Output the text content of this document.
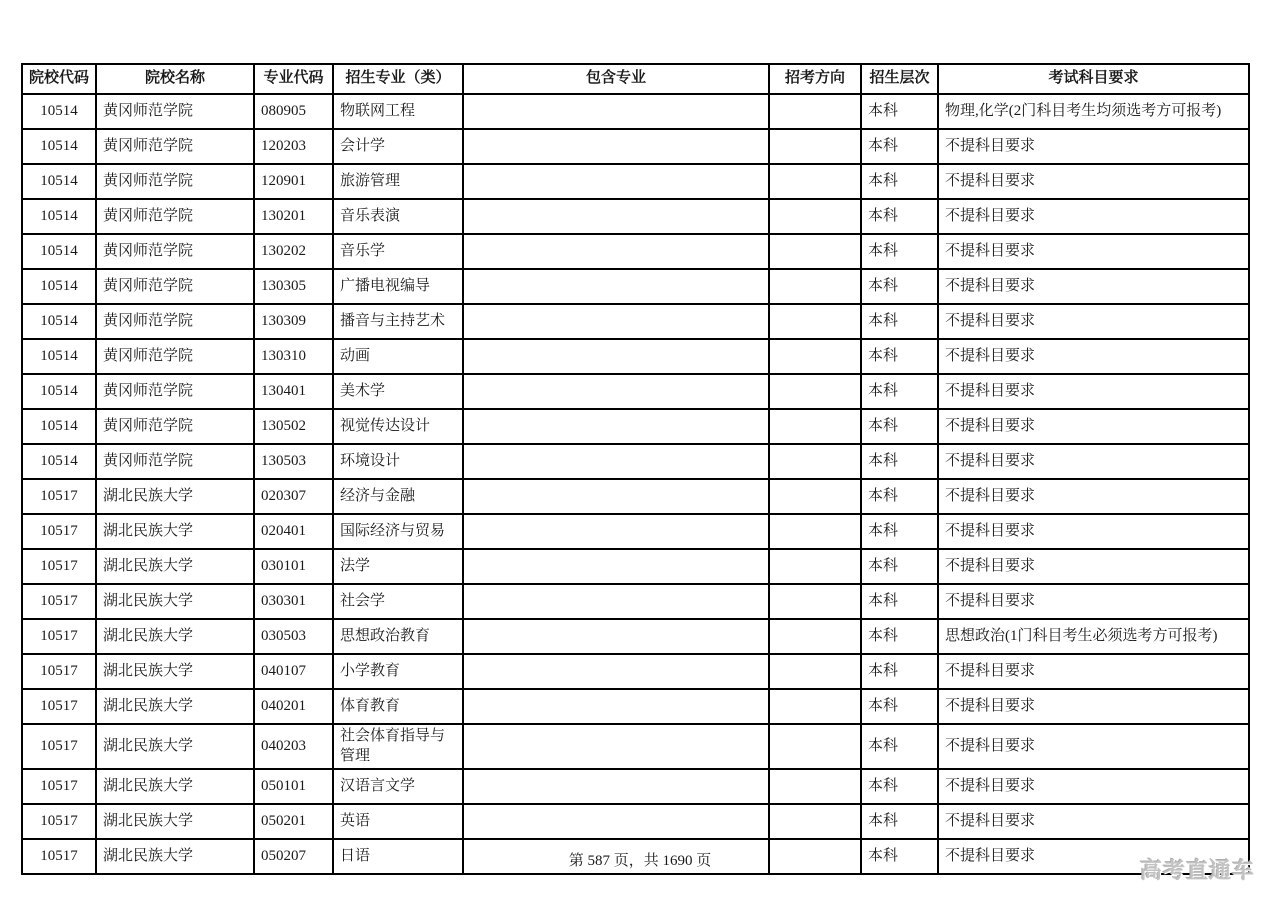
院校代码	院校名称	专业代码	招生专业（类）	包含专业	招考方向	招生层次	考试科目要求
10514	黄冈师范学院	080905	物联网工程			本科	物理,化学(2门科目考生均须选考方可报考)
10514	黄冈师范学院	120203	会计学			本科	不提科目要求
10514	黄冈师范学院	120901	旅游管理			本科	不提科目要求
10514	黄冈师范学院	130201	音乐表演			本科	不提科目要求
10514	黄冈师范学院	130202	音乐学			本科	不提科目要求
10514	黄冈师范学院	130305	广播电视编导			本科	不提科目要求
10514	黄冈师范学院	130309	播音与主持艺术			本科	不提科目要求
10514	黄冈师范学院	130310	动画			本科	不提科目要求
10514	黄冈师范学院	130401	美术学			本科	不提科目要求
10514	黄冈师范学院	130502	视觉传达设计			本科	不提科目要求
10514	黄冈师范学院	130503	环境设计			本科	不提科目要求
10517	湖北民族大学	020307	经济与金融			本科	不提科目要求
10517	湖北民族大学	020401	国际经济与贸易			本科	不提科目要求
10517	湖北民族大学	030101	法学			本科	不提科目要求
10517	湖北民族大学	030301	社会学			本科	不提科目要求
10517	湖北民族大学	030503	思想政治教育			本科	思想政治(1门科目考生必须选考方可报考)
10517	湖北民族大学	040107	小学教育			本科	不提科目要求
10517	湖北民族大学	040201	体育教育			本科	不提科目要求
10517	湖北民族大学	040203	社会体育指导与管理			本科	不提科目要求
10517	湖北民族大学	050101	汉语言文学			本科	不提科目要求
10517	湖北民族大学	050201	英语			本科	不提科目要求
10517	湖北民族大学	050207	日语			本科	不提科目要求
第 587 页，共 1690 页	高考直通车
